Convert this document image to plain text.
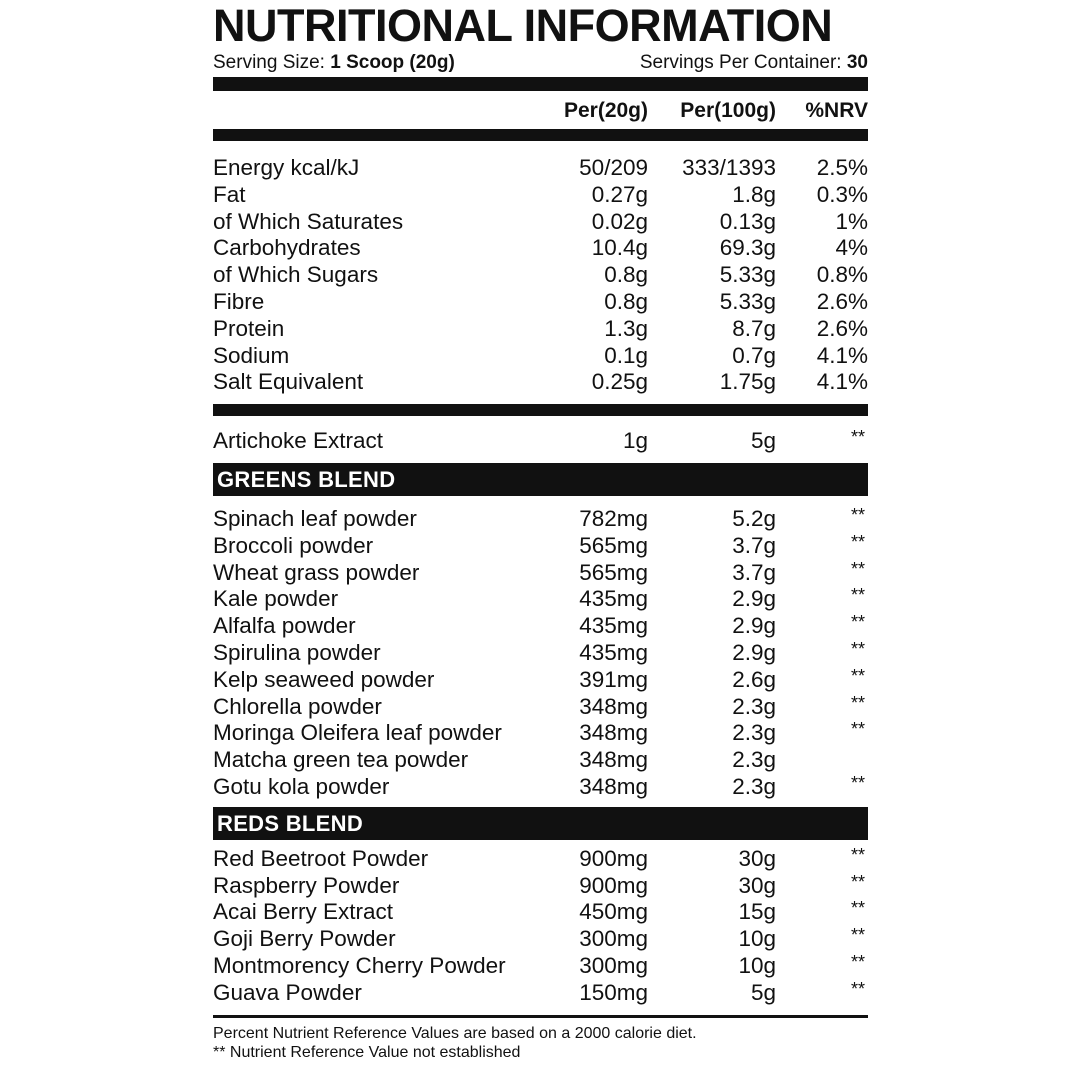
NUTRITIONAL INFORMATION
Serving Size: 1 Scoop (20g)	Servings Per Container: 30
Per(20g) Per(100g) %NRV
Energy kcal/kJ	50/209 333/1393 2.5%
Fat	0.27g	1.8g 0.3%
of Which Saturates	0.02g	0.13g	1%
Carbohydrates	10.4g	69.3g	4%
of Which Sugars	0.8g	5.33g 0.8%
Fibre	0.8g	5.33g 2.6%
Protein	1.3g	8.7g 2.6%
Sodium	0.1g	0.7g 4.1%
Salt Equivalent	0.25g	1.75g 4.1%
Artichoke Extract	1g	5g	**
GREENS BLEND
Spinach leaf powder	782mg	5.2g	**
Broccoli powder	565mg	3.7g	**
Wheat grass powder	565mg	3.7g	**
Kale powder	435mg	2.9g	**
Alfalfa powder	435mg	2.9g	**
Spirulina powder	435mg	2.9g	**
Kelp seaweed powder	391mg	2.6g	**
Chlorella powder	348mg	2.3g	**
Moringa Oleifera leaf powder	348mg	2.3g	**
Matcha green tea powder	348mg	2.3g
Gotu kola powder	348mg	2.3g	**
REDS BLEND
Red Beetroot Powder	900mg	30g	**
Raspberry Powder	900mg	30g	**
Acai Berry Extract	450mg	15g	**
Goji Berry Powder	300mg	10g	**
Montmorency Cherry Powder	300mg	10g	**
Guava Powder	150mg	5g	**
Percent Nutrient Reference Values are based on a 2000 calorie diet.
** Nutrient Reference Value not established
